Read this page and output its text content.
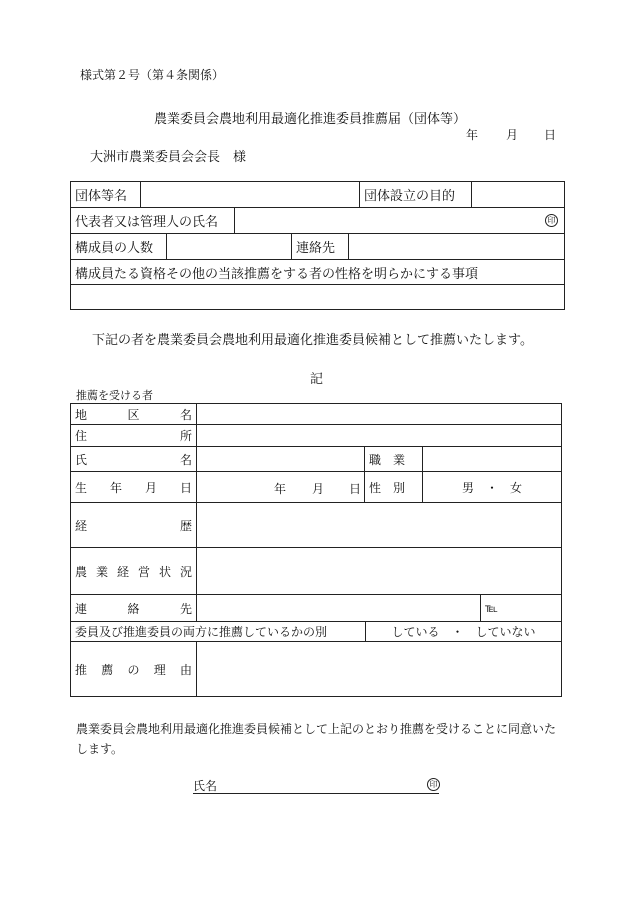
様式第２号（第４条関係）
農業委員会農地利用最適化推進委員推薦届（団体等）
年 月 日
大洲市農業委員会会長　様
団体等名		団体設立の目的

代表者又は管理人の氏名	印

構成員の人数	連絡先

構成員たる資格その他の当該推薦をする者の性格を明らかにする事項

下記の者を農業委員会農地利用最適化推進委員候補として推薦いたします。
記
推薦を受ける者
地　区　名	
住　　　所	
氏　　　名	職　業

生　年　月　日	年 月 日 性　別 男　・　女

経　　　歴	
農業経営状況	
連　絡　先	℡

委員及び推進委員の両方に推薦しているかの別 している　・　していない	

推薦の理由	
農業委員会農地利用最適化推進委員候補として上記のとおり推薦を受けることに同意いたします。
氏名	印
